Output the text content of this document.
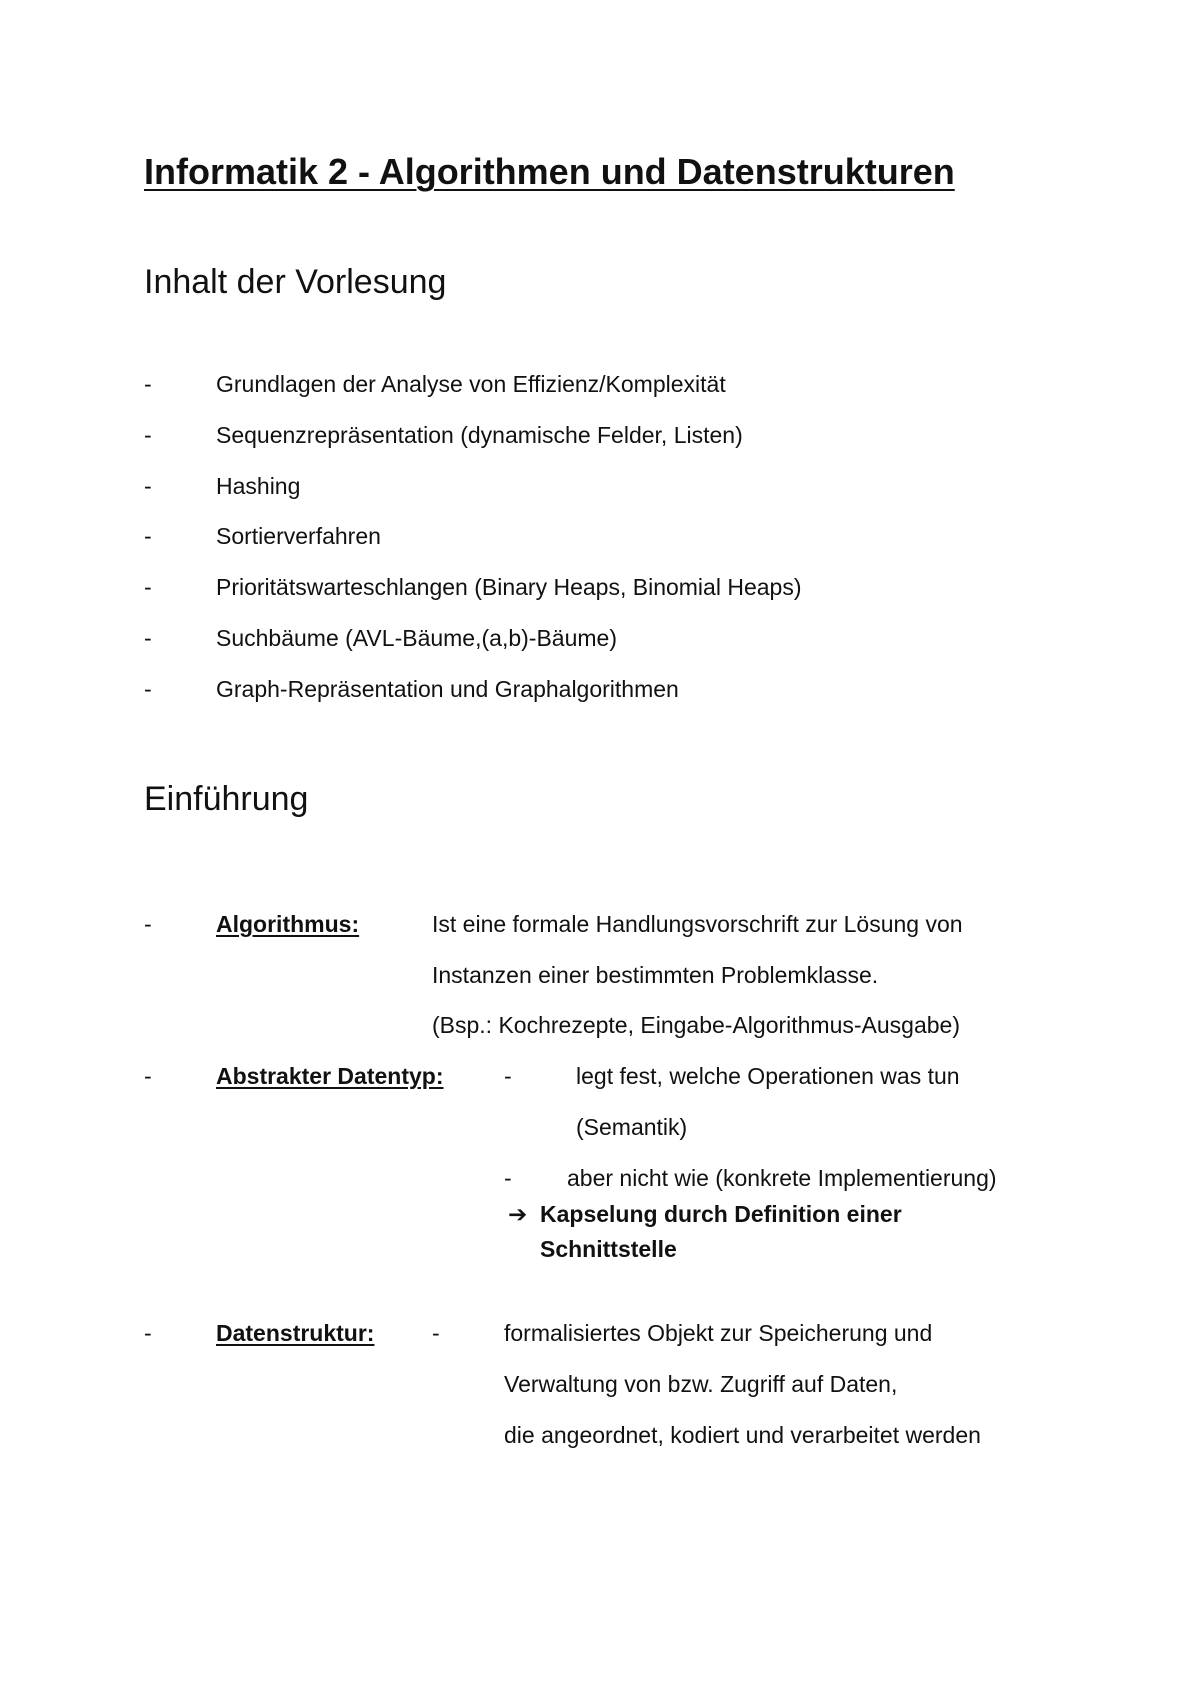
Informatik 2 - Algorithmen und Datenstrukturen
Inhalt der Vorlesung
-	Grundlagen der Analyse von Effizienz/Komplexität
-	Sequenzrepräsentation (dynamische Felder, Listen)
-	Hashing
-	Sortierverfahren
-	Prioritätswarteschlangen (Binary Heaps, Binomial Heaps)
-	Suchbäume (AVL-Bäume,(a,b)-Bäume)
-	Graph-Repräsentation und Graphalgorithmen
Einführung
-	Algorithmus:	Ist eine formale Handlungsvorschrift zur Lösung von
Instanzen einer bestimmten Problemklasse.
(Bsp.: Kochrezepte, Eingabe-Algorithmus-Ausgabe)
-	Abstrakter Datentyp:	-	legt fest, welche Operationen was tun
(Semantik)
- aber nicht wie (konkrete Implementierung)
➔ Kapselung durch Definition einer
Schnittstelle
-	Datenstruktur:	-	formalisiertes Objekt zur Speicherung und
Verwaltung von bzw. Zugriff auf Daten,
die angeordnet, kodiert und verarbeitet werden
